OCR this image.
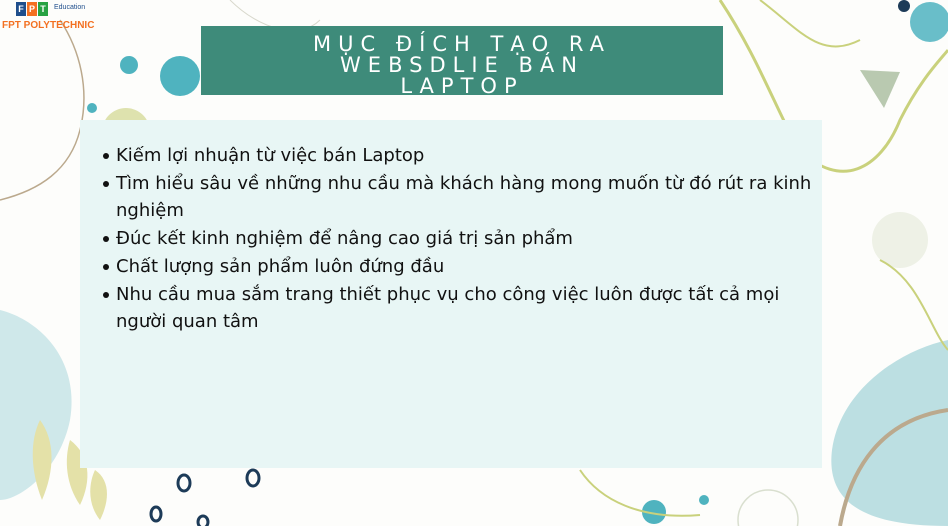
F P T	Education
FPT POLYTECHNIC
MỤC ĐÍCH TẠO RA
WEBSDLIE BÁN
LAPTOP
Kiếm lợi nhuận từ việc bán Laptop
Tìm hiểu sâu về những nhu cầu mà khách hàng mong muốn từ đó rút ra kinh nghiệm
Đúc kết kinh nghiệm để nâng cao giá trị sản phẩm
Chất lượng sản phẩm luôn đứng đầu
Nhu cầu mua sắm trang thiết phục vụ cho công việc luôn được tất cả mọi người quan tâm
